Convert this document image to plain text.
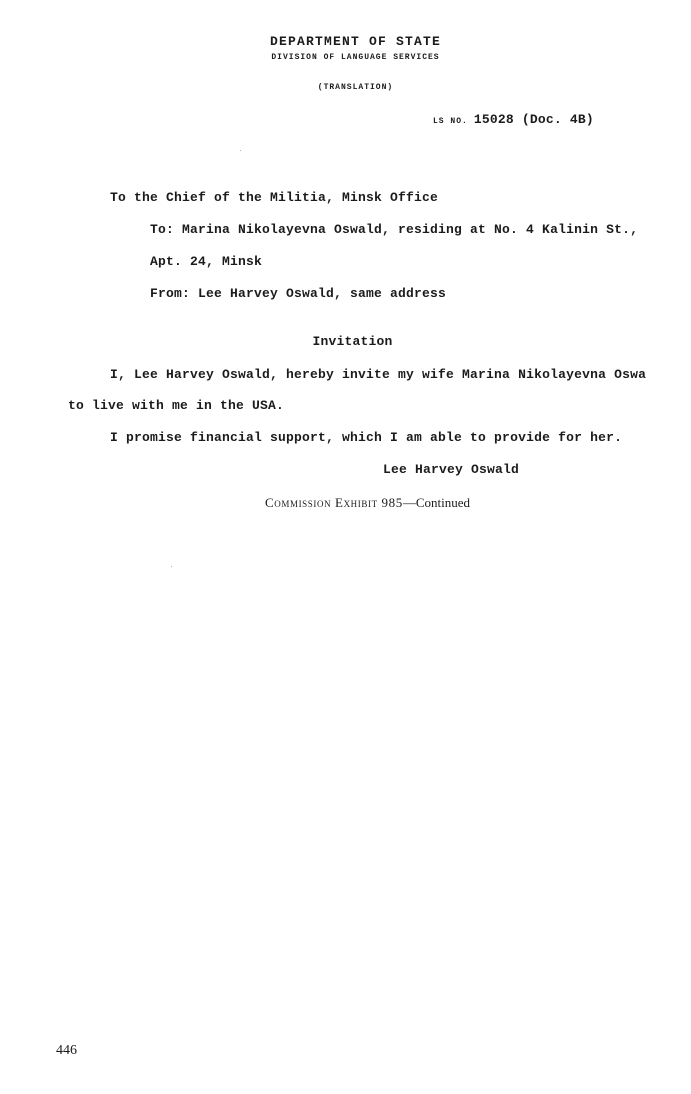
DEPARTMENT OF STATE
DIVISION OF LANGUAGE SERVICES
(TRANSLATION)
LS NO. 15028 (Doc. 4B)
To the Chief of the Militia, Minsk Office
To: Marina Nikolayevna Oswald, residing at No. 4 Kalinin St.,
Apt. 24, Minsk
From: Lee Harvey Oswald, same address
Invitation
I, Lee Harvey Oswald, hereby invite my wife Marina Nikolayevna Oswa
to live with me in the USA.
I promise financial support, which I am able to provide for her.
Lee Harvey Oswald
Commission Exhibit 985—Continued
446
